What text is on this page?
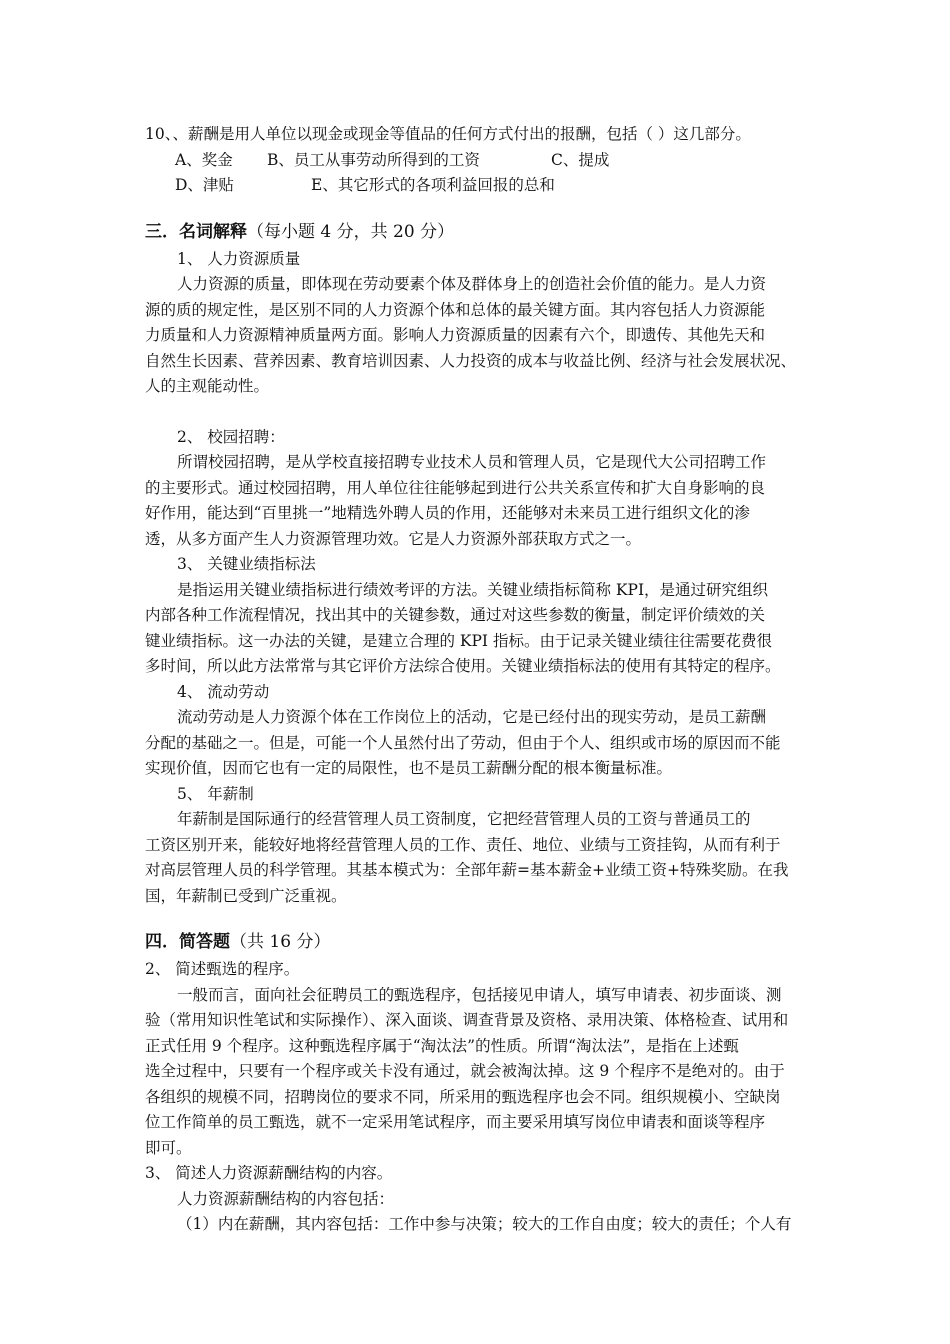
10、、薪酬是用人单位以现金或现金等值品的任何方式付出的报酬，包括（ ）这几部分。
A、奖金 B、员工从事劳动所得到的工资	C、提成
D、津贴	E、其它形式的各项利益回报的总和
三．名词解释（每小题 4 分，共 20 分）
1、 人力资源质量
人力资源的质量，即体现在劳动要素个体及群体身上的创造社会价值的能力。是人力资
源的质的规定性，是区别不同的人力资源个体和总体的最关键方面。其内容包括人力资源能
力质量和人力资源精神质量两方面。影响人力资源质量的因素有六个，即遗传、其他先天和
自然生长因素、营养因素、教育培训因素、人力投资的成本与收益比例、经济与社会发展状况、
人的主观能动性。
2、 校园招聘：
所谓校园招聘，是从学校直接招聘专业技术人员和管理人员，它是现代大公司招聘工作
的主要形式。通过校园招聘，用人单位往往能够起到进行公共关系宣传和扩大自身影响的良
好作用，能达到“百里挑一”地精选外聘人员的作用，还能够对未来员工进行组织文化的渗
透，从多方面产生人力资源管理功效。它是人力资源外部获取方式之一。
3、 关键业绩指标法
是指运用关键业绩指标进行绩效考评的方法。关键业绩指标简称 KPI，是通过研究组织
内部各种工作流程情况，找出其中的关键参数，通过对这些参数的衡量，制定评价绩效的关
键业绩指标。这一办法的关键，是建立合理的 KPI 指标。由于记录关键业绩往往需要花费很
多时间，所以此方法常常与其它评价方法综合使用。关键业绩指标法的使用有其特定的程序。
4、 流动劳动
流动劳动是人力资源个体在工作岗位上的活动，它是已经付出的现实劳动，是员工薪酬
分配的基础之一。但是，可能一个人虽然付出了劳动，但由于个人、组织或市场的原因而不能
实现价值，因而它也有一定的局限性，也不是员工薪酬分配的根本衡量标准。
5、 年薪制
年薪制是国际通行的经营管理人员工资制度，它把经营管理人员的工资与普通员工的
工资区别开来，能较好地将经营管理人员的工作、责任、地位、业绩与工资挂钩，从而有利于
对高层管理人员的科学管理。其基本模式为：全部年薪=基本薪金+业绩工资+特殊奖励。在我
国，年薪制已受到广泛重视。
四．简答题（共 16 分）
2、 简述甄选的程序。
一般而言，面向社会征聘员工的甄选程序，包括接见申请人，填写申请表、初步面谈、测
验（常用知识性笔试和实际操作）、深入面谈、调查背景及资格、录用决策、体格检查、试用和
正式任用 9 个程序。这种甄选程序属于“淘汰法”的性质。所谓“淘汰法”，是指在上述甄
选全过程中，只要有一个程序或关卡没有通过，就会被淘汰掉。这 9 个程序不是绝对的。由于
各组织的规模不同，招聘岗位的要求不同，所采用的甄选程序也会不同。组织规模小、空缺岗
位工作简单的员工甄选，就不一定采用笔试程序，而主要采用填写岗位申请表和面谈等程序
即可。
3、 简述人力资源薪酬结构的内容。
人力资源薪酬结构的内容包括：
（1）内在薪酬，其内容包括：工作中参与决策；较大的工作自由度；较大的责任；个人有
